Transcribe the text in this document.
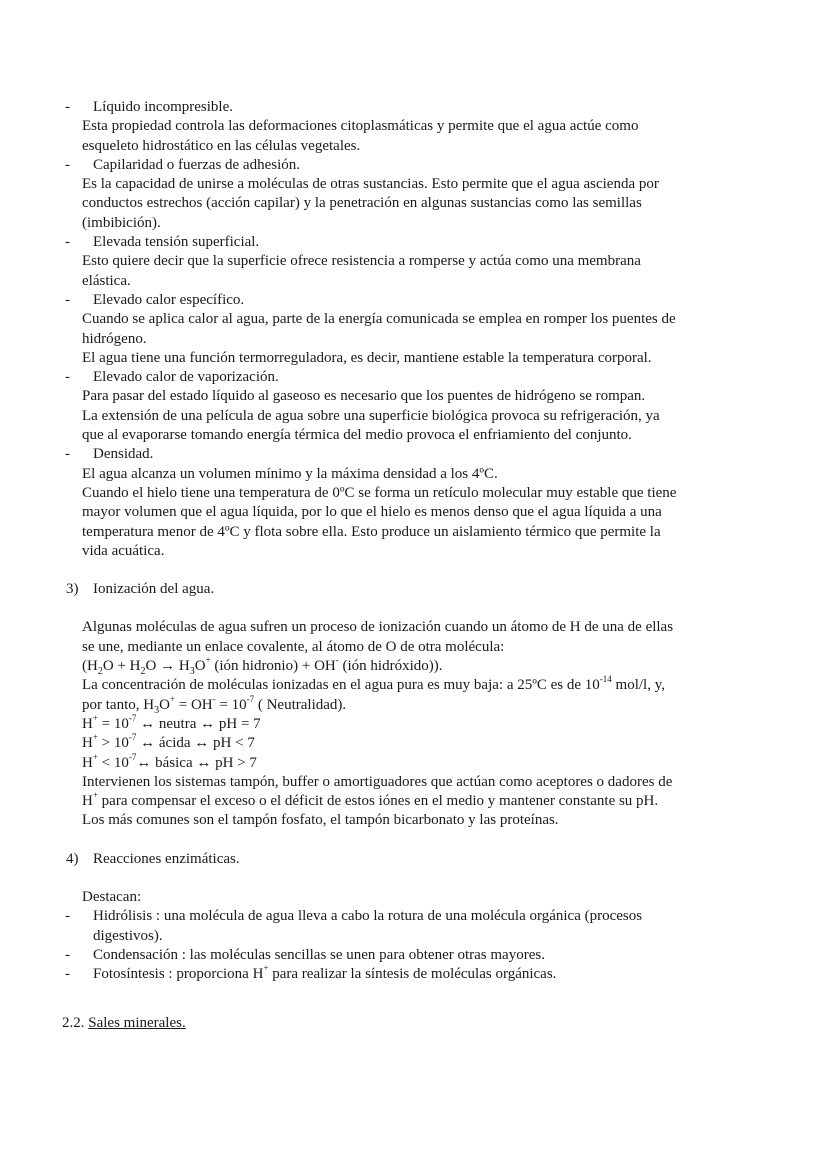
- Líquido incompresible.
Esta propiedad controla las deformaciones citoplasmáticas y permite que el agua actúe como
esqueleto hidrostático en las células vegetales.
- Capilaridad o fuerzas de adhesión.
Es la capacidad de unirse a moléculas de otras sustancias. Esto permite que el agua ascienda por
conductos estrechos (acción capilar) y la penetración en algunas sustancias como las semillas
(imbibición).
- Elevada tensión superficial.
Esto quiere decir que la superficie ofrece resistencia a romperse y actúa como una membrana
elástica.
- Elevado calor específico.
Cuando se aplica calor al agua, parte de la energía comunicada se emplea en romper los puentes de
hidrógeno.
El agua tiene una función termorreguladora, es decir, mantiene estable la temperatura corporal.
- Elevado calor de vaporización.
Para pasar del estado líquido al gaseoso es necesario que los puentes de hidrógeno se rompan.
La extensión de una película de agua sobre una superficie biológica provoca su refrigeración, ya
que al evaporarse tomando energía térmica del medio provoca el enfriamiento del conjunto.
- Densidad.
El agua alcanza un volumen mínimo y la máxima densidad a los 4ºC.
Cuando el hielo tiene una temperatura de 0ºC se forma un retículo molecular muy estable que tiene
mayor volumen que el agua líquida, por lo que el hielo es menos denso que el agua líquida a una
temperatura menor de 4ºC y flota sobre ella. Esto produce un aislamiento térmico que permite la
vida acuática.
3) Ionización del agua.
Algunas moléculas de agua sufren un proceso de ionización cuando un átomo de H de una de ellas
se une, mediante un enlace covalente, al átomo de O de otra molécula:
($H_2O + H_2O \to H_3O^+$ (ión hidronio) + OH- (ión hidróxido)).
La concentración de moléculas ionizadas en el agua pura es muy baja: a 25ºC es de $10^{-14}$ mol/l, y,
por tanto, $H_3O^+ = OH^- = 10^{-7}$ ( Neutralidad).
$H^+ = 10^{-7}$ ↔ neutra ↔ pH = 7
$H^+ > 10^{-7}$ ↔ ácida ↔ pH < 7
$H^+ < 10^{-7}\leftrightarrow$ básica ↔ pH > 7
Intervienen los sistemas tampón, buffer o amortiguadores que actúan como aceptores o dadores de
H+ para compensar el exceso o el déficit de estos iónes en el medio y mantener constante su pH.
Los más comunes son el tampón fosfato, el tampón bicarbonato y las proteínas.
4) Reacciones enzimáticas.
Destacan:
- Hidrólisis : una molécula de agua lleva a cabo la rotura de una molécula orgánica (procesos
digestivos).
- Condensación : las moléculas sencillas se unen para obtener otras mayores.
- Fotosíntesis : proporciona H+ para realizar la síntesis de moléculas orgánicas.
2.2. Sales minerales.
